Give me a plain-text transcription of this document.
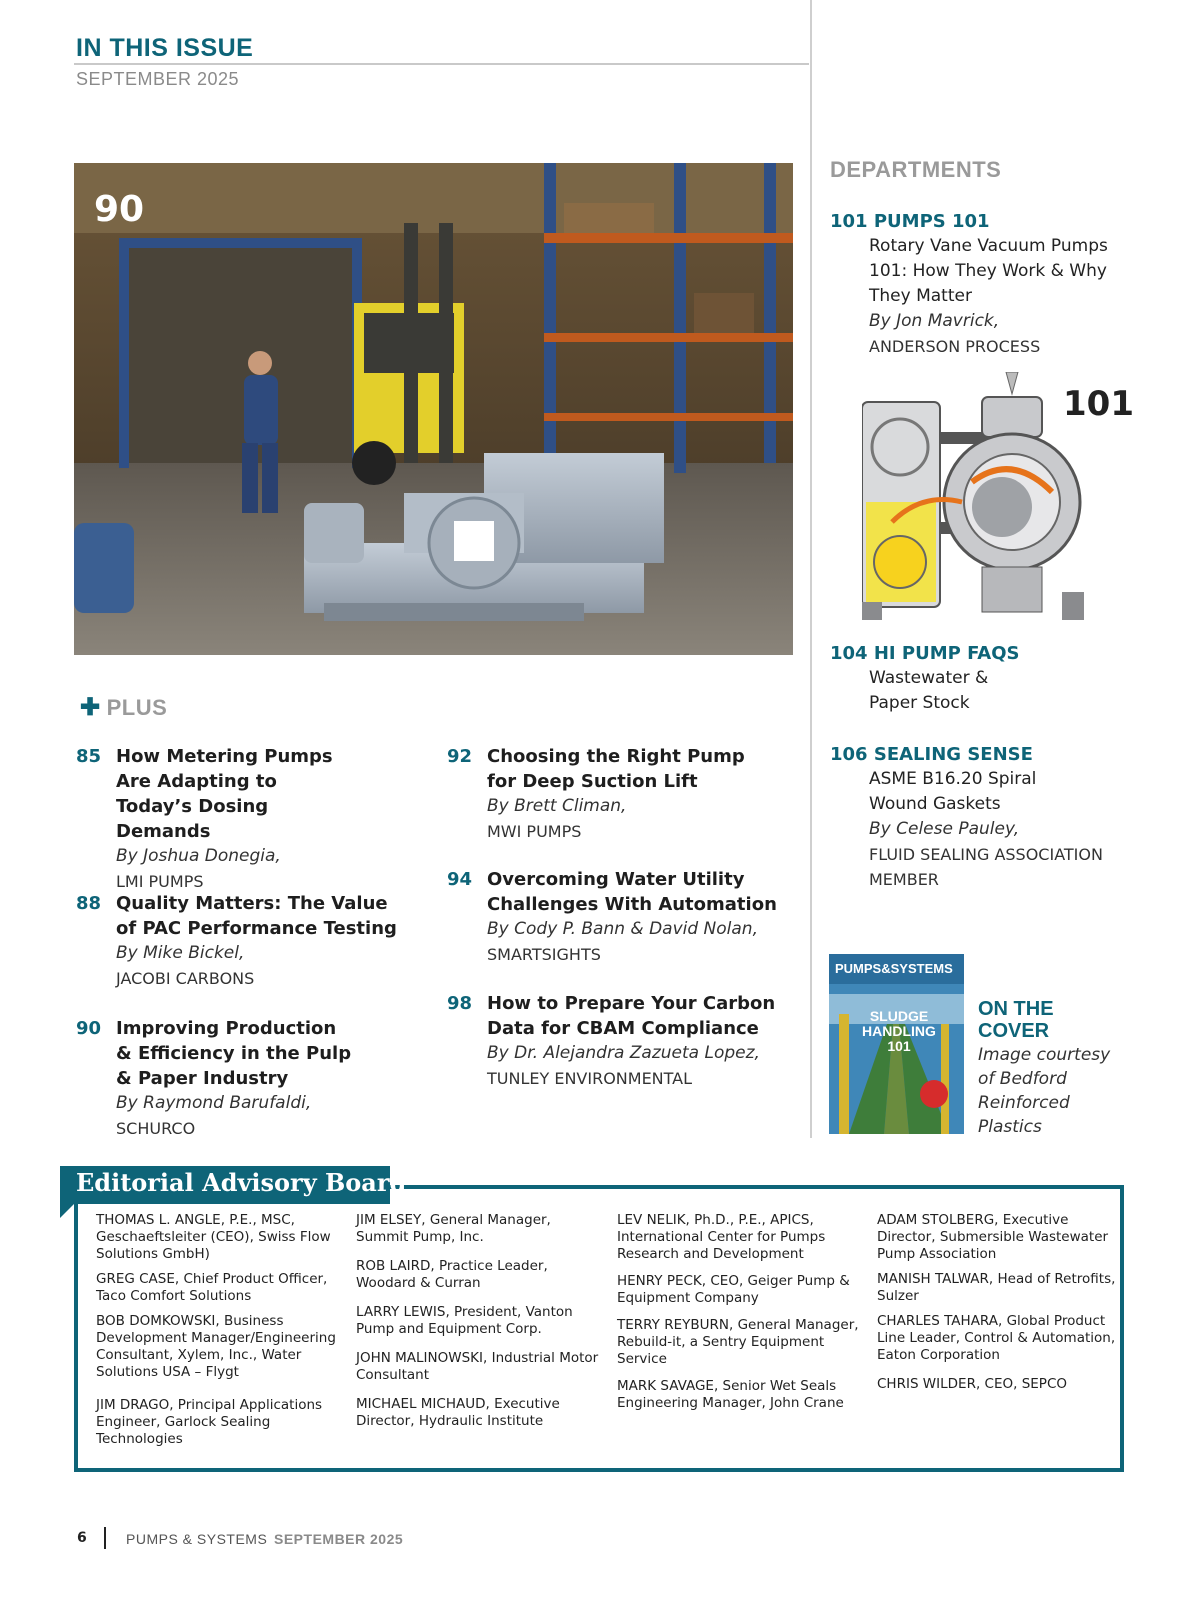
IN THIS ISSUE
SEPTEMBER 2025
90
✚ PLUS
85 How Metering Pumps Are Adapting to Today’s Dosing Demands
By Joshua Donegia,
LMI PUMPS
88 Quality Matters: The Value of PAC Performance Testing
By Mike Bickel,
JACOBI CARBONS
90 Improving Production & Efficiency in the Pulp & Paper Industry
By Raymond Barufaldi,
SCHURCO
92 Choosing the Right Pump for Deep Suction Lift
By Brett Climan,
MWI PUMPS
94 Overcoming Water Utility Challenges With Automation
By Cody P. Bann & David Nolan,
SMARTSIGHTS
98 How to Prepare Your Carbon Data for CBAM Compliance
By Dr. Alejandra Zazueta Lopez,
TUNLEY ENVIRONMENTAL
DEPARTMENTS
101 PUMPS 101
Rotary Vane Vacuum Pumps 101: How They Work & Why They Matter
By Jon Mavrick,
ANDERSON PROCESS
101
104 HI PUMP FAQS
Wastewater & Paper Stock
106 SEALING SENSE
ASME B16.20 Spiral Wound Gaskets
By Celese Pauley,
FLUID SEALING ASSOCIATION MEMBER
PUMPS&SYSTEMS
SLUDGE HANDLING 101
ON THE COVER
Image courtesy of Bedford Reinforced Plastics
Editorial Advisory Board
THOMAS L. ANGLE, P.E., MSC, Geschaeftsleiter (CEO), Swiss Flow Solutions GmbH)
GREG CASE, Chief Product Officer, Taco Comfort Solutions
BOB DOMKOWSKI, Business Development Manager/Engineering Consultant, Xylem, Inc., Water Solutions USA – Flygt
JIM DRAGO, Principal Applications Engineer, Garlock Sealing Technologies
JIM ELSEY, General Manager, Summit Pump, Inc.
ROB LAIRD, Practice Leader, Woodard & Curran
LARRY LEWIS, President, Vanton Pump and Equipment Corp.
JOHN MALINOWSKI, Industrial Motor Consultant
MICHAEL MICHAUD, Executive Director, Hydraulic Institute
LEV NELIK, Ph.D., P.E., APICS, International Center for Pumps Research and Development
HENRY PECK, CEO, Geiger Pump & Equipment Company
TERRY REYBURN, General Manager, Rebuild-it, a Sentry Equipment Service
MARK SAVAGE, Senior Wet Seals Engineering Manager, John Crane
ADAM STOLBERG, Executive Director, Submersible Wastewater Pump Association
MANISH TALWAR, Head of Retrofits, Sulzer
CHARLES TAHARA, Global Product Line Leader, Control & Automation, Eaton Corporation
CHRIS WILDER, CEO, SEPCO
6	PUMPS & SYSTEMS SEPTEMBER 2025
